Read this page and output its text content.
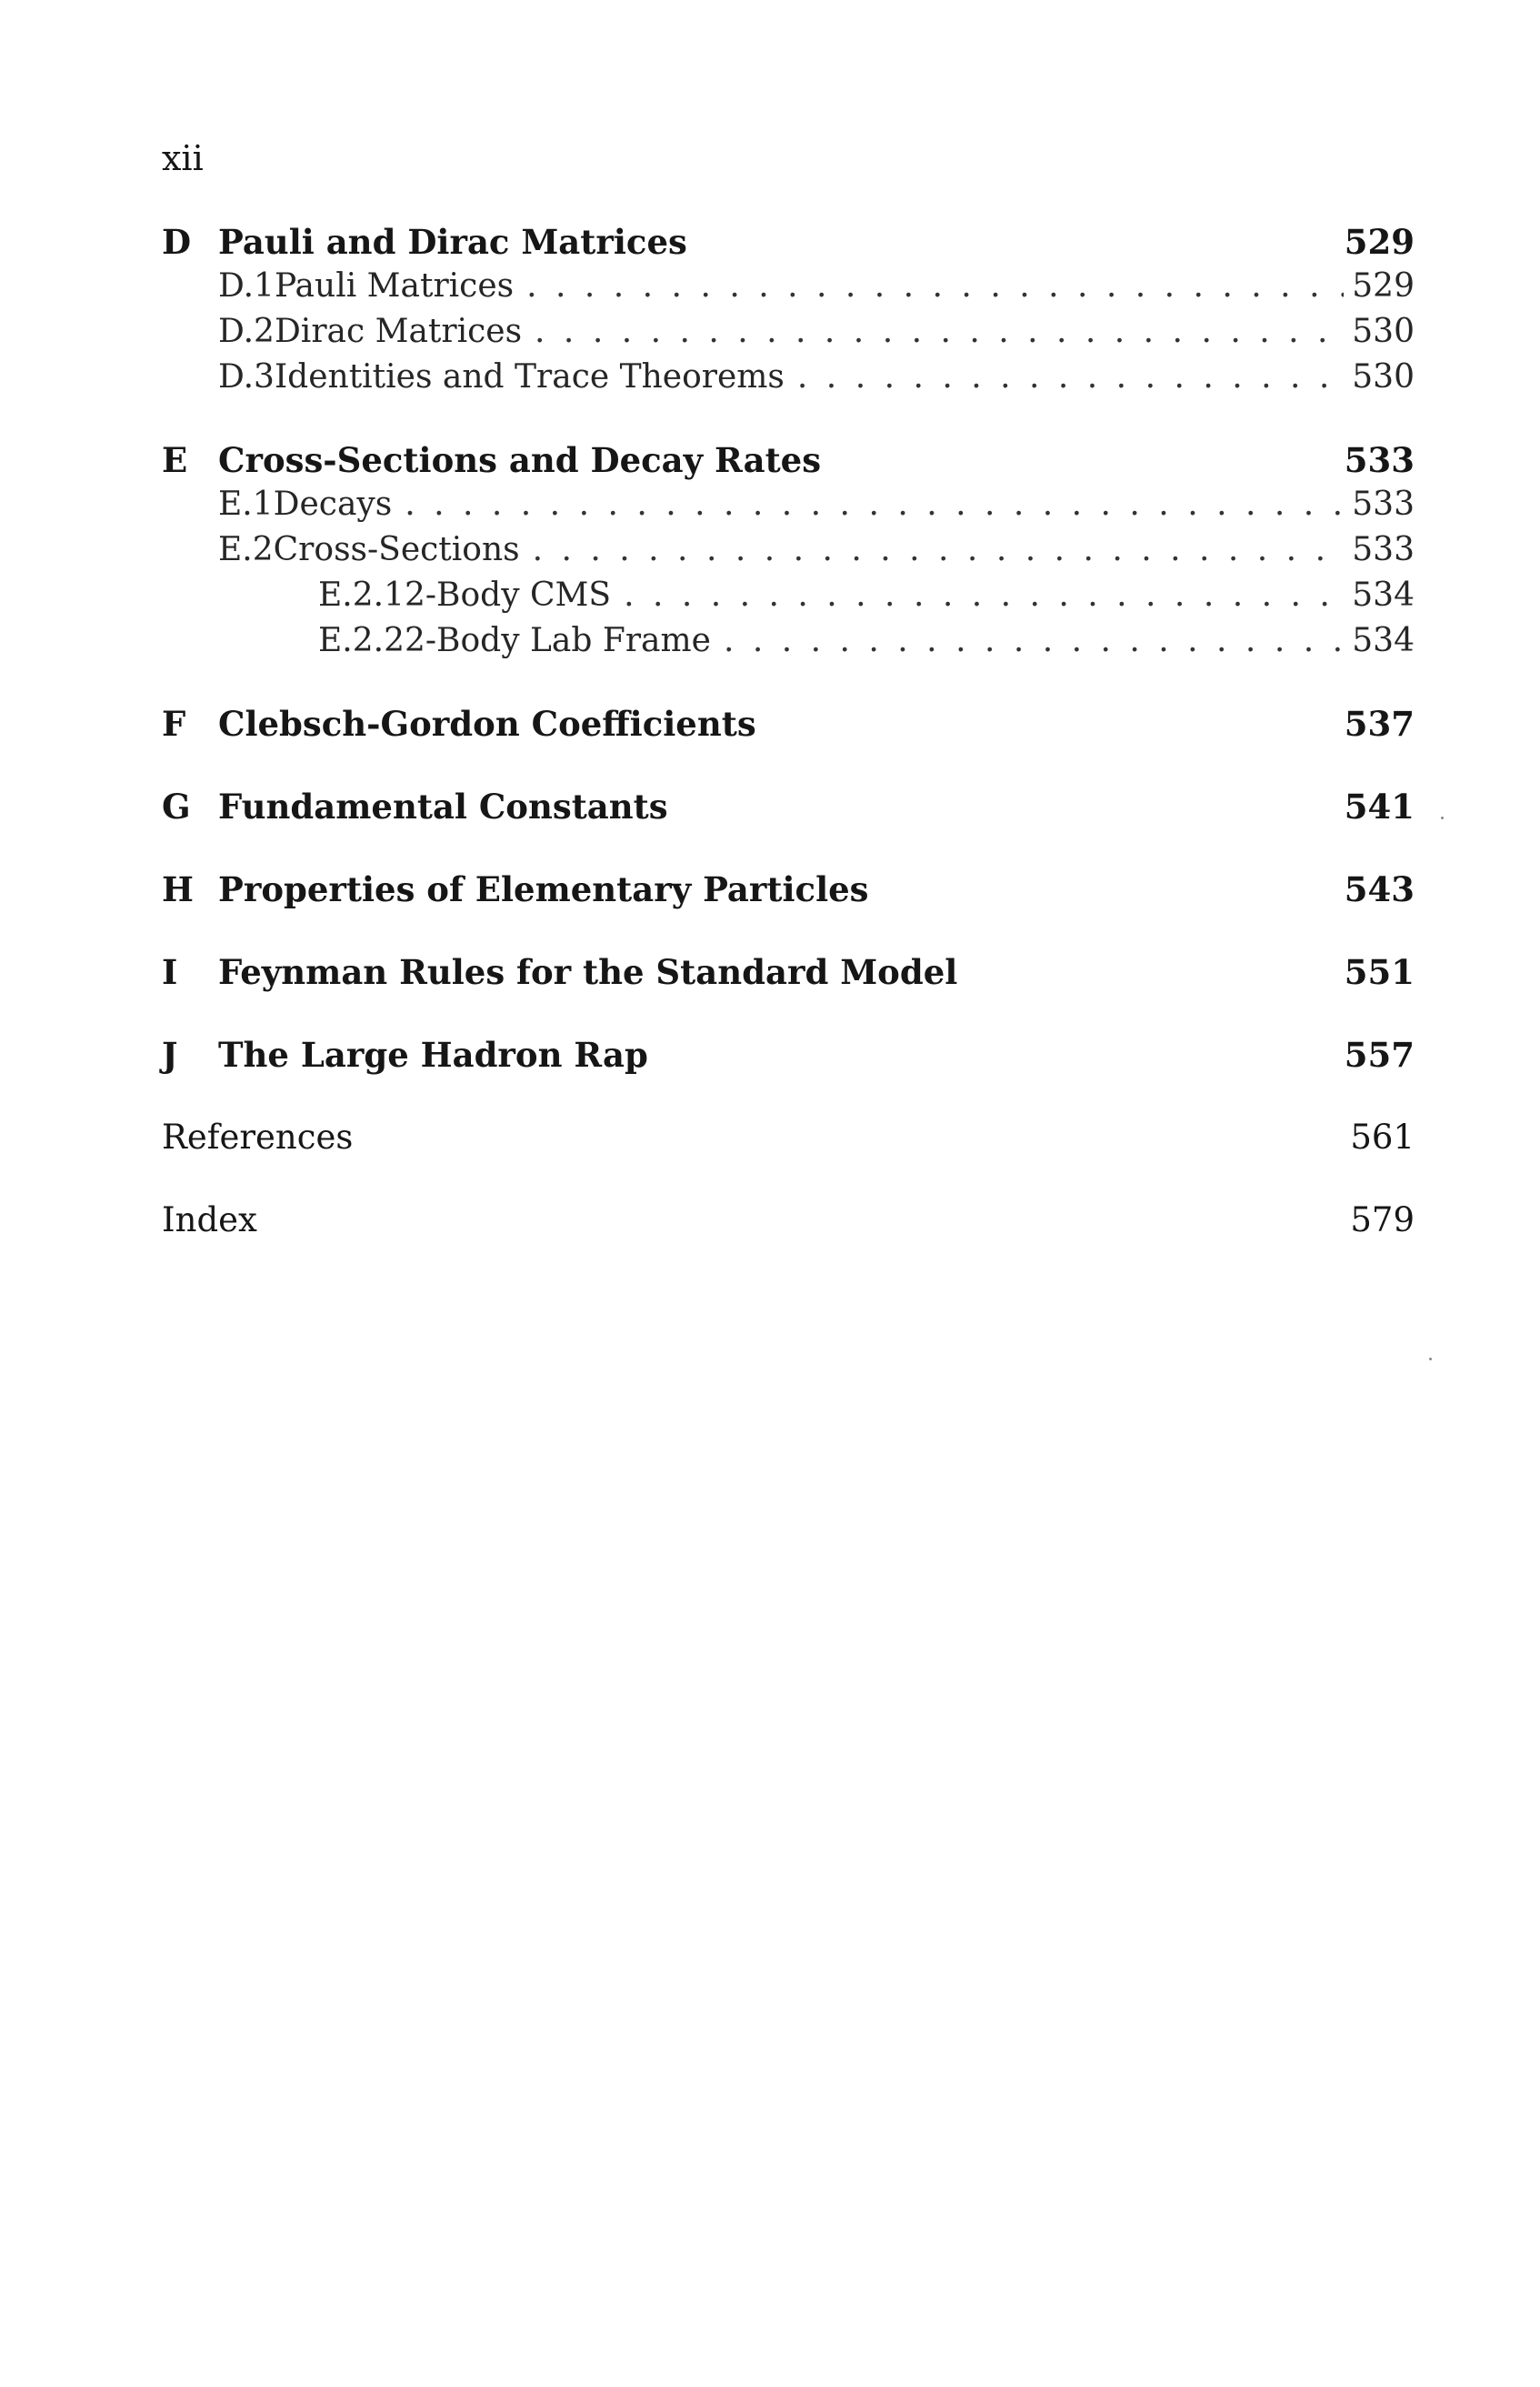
xii
D Pauli and Dirac Matrices	529
D.1 Pauli Matrices . . .	529
D.2 Dirac Matrices . . .	530
D.3 Identities and Trace Theorems . . .	530
E Cross-Sections and Decay Rates	533
E.1 Decays . . .	533
E.2 Cross-Sections . . .	533
E.2.1 2-Body CMS . . .	534
E.2.2 2-Body Lab Frame . . .	534
F Clebsch-Gordon Coefficients	537
G Fundamental Constants	541
H Properties of Elementary Particles	543
I	Feynman Rules for the Standard Model	551
J	The Large Hadron Rap	557
References	561
Index	579
